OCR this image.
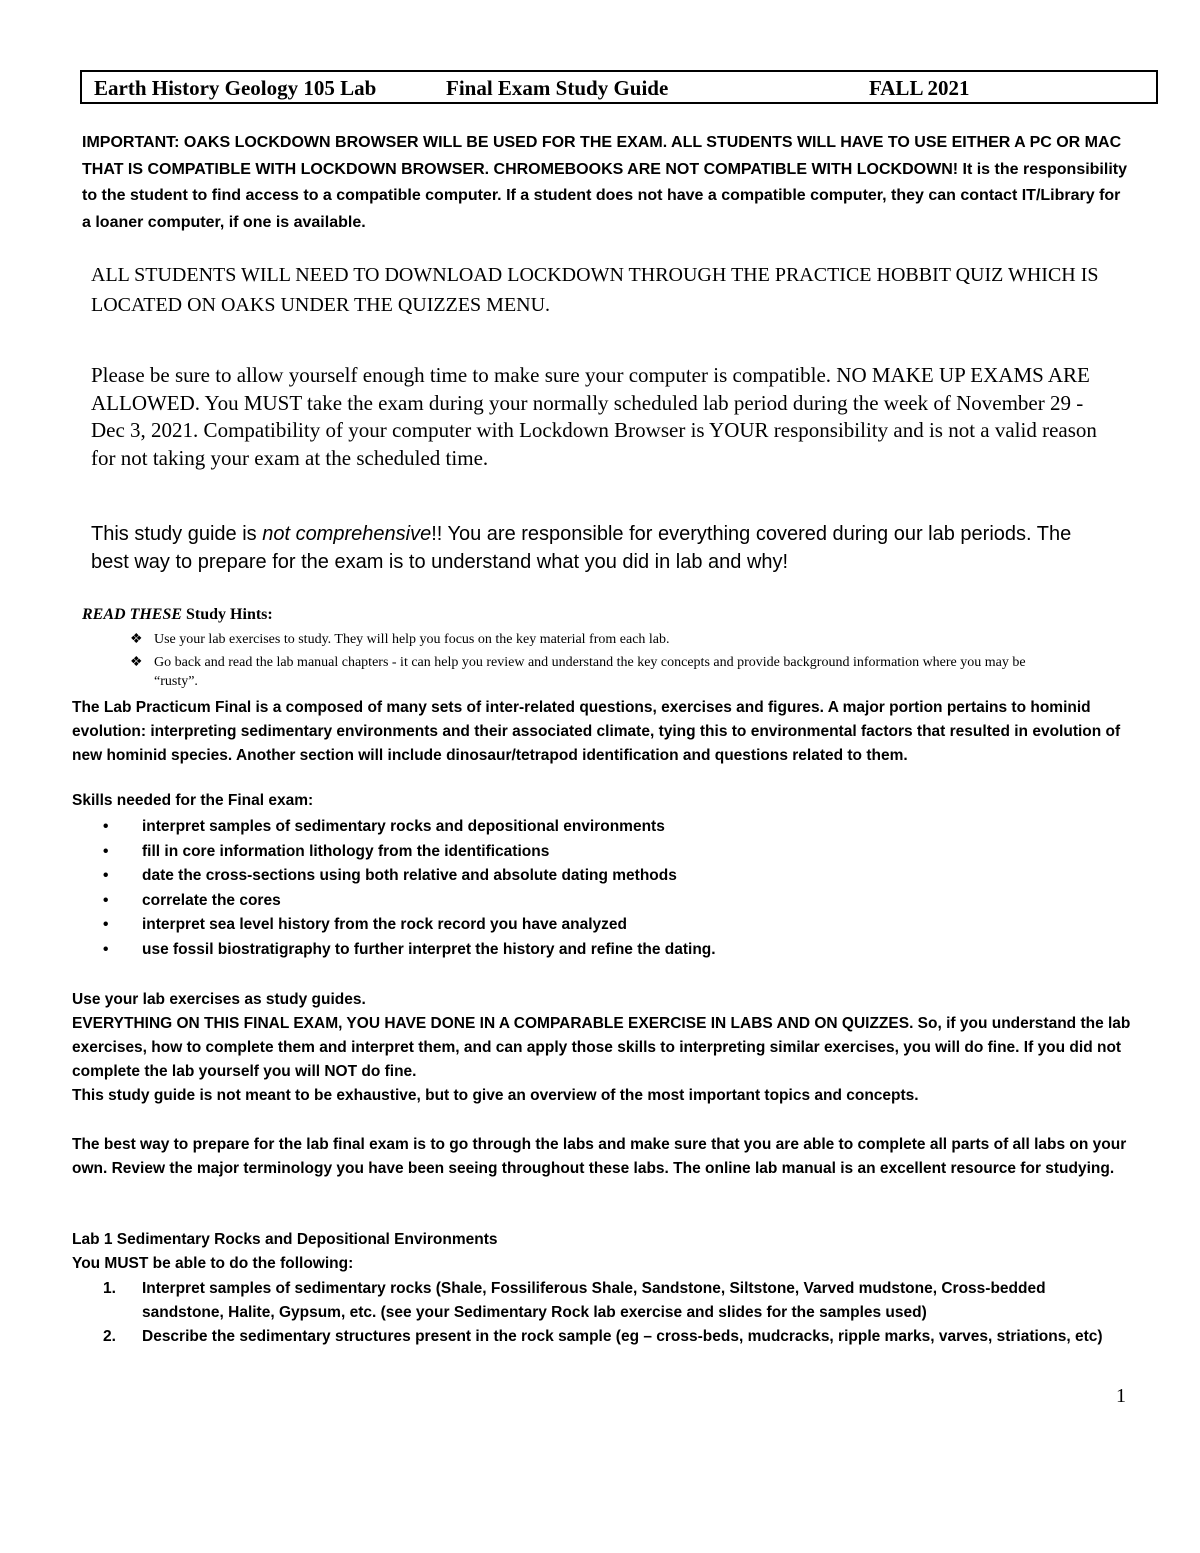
Earth History Geology 105 Lab	Final Exam Study Guide	FALL 2021

IMPORTANT: OAKS LOCKDOWN BROWSER WILL BE USED FOR THE EXAM. ALL STUDENTS WILL HAVE TO USE EITHER A PC OR MAC THAT IS COMPATIBLE WITH LOCKDOWN BROWSER. CHROMEBOOKS ARE NOT COMPATIBLE WITH LOCKDOWN! It is the responsibility to the student to find access to a compatible computer. If a student does not have a compatible computer, they can contact IT/Library for a loaner computer, if one is available.

ALL STUDENTS WILL NEED TO DOWNLOAD LOCKDOWN THROUGH THE PRACTICE HOBBIT QUIZ WHICH IS LOCATED ON OAKS UNDER THE QUIZZES MENU.

Please be sure to allow yourself enough time to make sure your computer is compatible. NO MAKE UP EXAMS ARE ALLOWED. You MUST take the exam during your normally scheduled lab period during the week of November 29 - Dec 3, 2021. Compatibility of your computer with Lockdown Browser is YOUR responsibility and is not a valid reason for not taking your exam at the scheduled time.

This study guide is not comprehensive!! You are responsible for everything covered during our lab periods. The best way to prepare for the exam is to understand what you did in lab and why!

READ THESE Study Hints:

❖ Use your lab exercises to study. They will help you focus on the key material from each lab.
❖ Go back and read the lab manual chapters - it can help you review and understand the key concepts and provide background information where you may be “rusty”.

The Lab Practicum Final is a composed of many sets of inter-related questions, exercises and figures. A major portion pertains to hominid evolution: interpreting sedimentary environments and their associated climate, tying this to environmental factors that resulted in evolution of new hominid species. Another section will include dinosaur/tetrapod identification and questions related to them.

Skills needed for the Final exam:

• interpret samples of sedimentary rocks and depositional environments
• fill in core information lithology from the identifications
• date the cross-sections using both relative and absolute dating methods
• correlate the cores
• interpret sea level history from the rock record you have analyzed
• use fossil biostratigraphy to further interpret the history and refine the dating.

Use your lab exercises as study guides.

EVERYTHING ON THIS FINAL EXAM, YOU HAVE DONE IN A COMPARABLE EXERCISE IN LABS AND ON QUIZZES. So, if you understand the lab exercises, how to complete them and interpret them, and can apply those skills to interpreting similar exercises, you will do fine. If you did not complete the lab yourself you will NOT do fine.

This study guide is not meant to be exhaustive, but to give an overview of the most important topics and concepts.

The best way to prepare for the lab final exam is to go through the labs and make sure that you are able to complete all parts of all labs on your own. Review the major terminology you have been seeing throughout these labs. The online lab manual is an excellent resource for studying.

Lab 1 Sedimentary Rocks and Depositional Environments

You MUST be able to do the following:

1. Interpret samples of sedimentary rocks (Shale, Fossiliferous Shale, Sandstone, Siltstone, Varved mudstone, Cross-bedded sandstone, Halite, Gypsum, etc. (see your Sedimentary Rock lab exercise and slides for the samples used)
2. Describe the sedimentary structures present in the rock sample (eg – cross-beds, mudcracks, ripple marks, varves, striations, etc)
1
